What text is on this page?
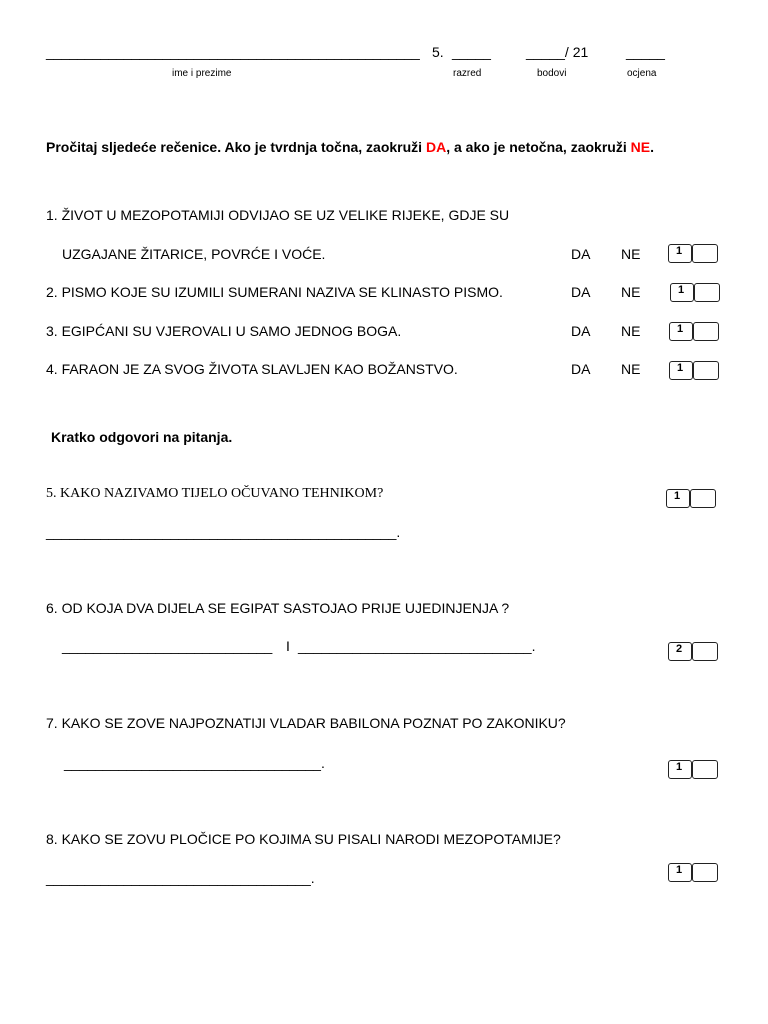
________________________________________________ 5. _____	_____/ 21	_____
ime i prezime	razred	bodovi	ocjena
Pročitaj sljedeće rečenice. Ako je tvrdnja točna, zaokruži DA, a ako je netočna, zaokruži NE.
1. ŽIVOT U MEZOPOTAMIJI ODVIJAO SE UZ VELIKE RIJEKE, GDJE SU
UZGAJANE ŽITARICE, POVRĆE I VOĆE.	DA NE	1
2. PISMO KOJE SU IZUMILI SUMERANI NAZIVA SE KLINASTO PISMO.	DA NE	1
3. EGIPĆANI SU VJEROVALI U SAMO JEDNOG BOGA.	DA NE	1
4. FARAON JE ZA SVOG ŽIVOTA SLAVLJEN KAO BOŽANSTVO.	DA NE	1
Kratko odgovori na pitanja.
5. KAKO NAZIVAMO TIJELO OČUVANO TEHNIKOM?	1
_____________________________________________.
6. OD KOJA DVA DIJELA SE EGIPAT SASTOJAO PRIJE UJEDINJENJA ?
___________________________ I ______________________________.	2
7. KAKO SE ZOVE NAJPOZNATIJI VLADAR BABILONA POZNAT PO ZAKONIKU?
_________________________________.	1
8. KAKO SE ZOVU PLOČICE PO KOJIMA SU PISALI NARODI MEZOPOTAMIJE?
__________________________________.	1
